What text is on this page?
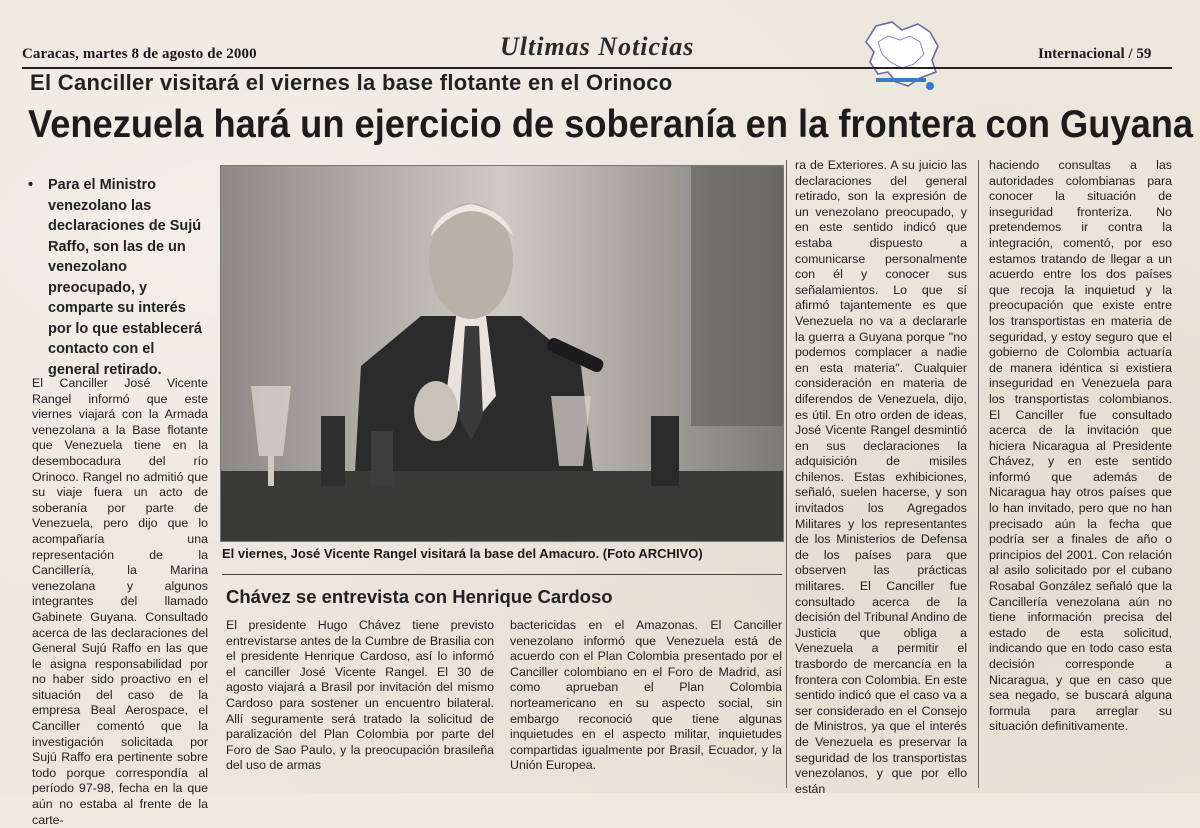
Caracas, martes 8 de agosto de 2000	Ultimas Noticias	Internacional / 59
El Canciller visitará el viernes la base flotante en el Orinoco
Venezuela hará un ejercicio de soberanía en la frontera con Guyana
•	Para el Ministro venezolano las declaraciones de Sujú Raffo, son las de un venezolano preocupado, y comparte su interés por lo que establecerá contacto con el general retirado.
El Canciller José Vicente Rangel informó que este viernes viajará con la Armada venezolana a la Base flotante que Venezuela tiene en la desembocadura del río Orinoco. Rangel no admitió que su viaje fuera un acto de soberanía por parte de Venezuela, pero dijo que lo acompañaría una representación de la Cancillería, la Marina venezolana y algunos integrantes del llamado Gabinete Guyana. Consultado acerca de las declaraciones del General Sujú Raffo en las que le asigna responsabilidad por no haber sido proactivo en el situación del caso de la empresa Beal Aerospace, el Canciller comentó que la investigación solicitada por Sujú Raffo era pertinente sobre todo porque correspondía al período 97-98, fecha en la que aún no estaba al frente de la carte-
El viernes, José Vicente Rangel visitará la base del Amacuro. (Foto ARCHIVO)
Chávez se entrevista con Henrique Cardoso
El presidente Hugo Chávez tiene previsto entrevistarse antes de la Cumbre de Brasilia con el presidente Henrique Cardoso, así lo informó el canciller José Vicente Rangel. El 30 de agosto viajará a Brasil por invitación del mismo Cardoso para sostener un encuentro bilateral. Allí seguramente será tratado la solicitud de paralización del Plan Colombia por parte del Foro de Sao Paulo, y la preocupación brasileña del uso de armas
bactericidas en el Amazonas. El Canciller venezolano informó que Venezuela está de acuerdo con el Plan Colombia presentado por el Canciller colombiano en el Foro de Madrid, así como aprueban el Plan Colombia norteamericano en su aspecto social, sin embargo reconoció que tiene algunas inquietudes en el aspecto militar, inquietudes compartidas igualmente por Brasil, Ecuador, y la Unión Europea.
ra de Exteriores. A su juicio las declaraciones del general retirado, son la expresión de un venezolano preocupado, y en este sentido indicó que estaba dispuesto a comunicarse personalmente con él y conocer sus señalamientos. Lo que sí afirmó tajantemente es que Venezuela no va a declararle la guerra a Guyana porque "no podemos complacer a nadie en esta materia". Cualquier consideración en materia de diferendos de Venezuela, dijo, es útil. En otro orden de ideas, José Vicente Rangel desmintió en sus declaraciones la adquisición de misiles chilenos. Estas exhibiciones, señaló, suelen hacerse, y son invitados los Agregados Militares y los representantes de los Ministerios de Defensa de los países para que observen las prácticas militares. El Canciller fue consultado acerca de la decisión del Tribunal Andino de Justicia que obliga a Venezuela a permitir el trasbordo de mercancía en la frontera con Colombia. En este sentido indicó que el caso va a ser considerado en el Consejo de Ministros, ya que el interés de Venezuela es preservar la seguridad de los transportistas venezolanos, y que por ello están
haciendo consultas a las autoridades colombianas para conocer la situación de inseguridad fronteriza. No pretendemos ir contra la integración, comentó, por eso estamos tratando de llegar a un acuerdo entre los dos países que recoja la inquietud y la preocupación que existe entre los transportistas en materia de seguridad, y estoy seguro que el gobierno de Colombia actuaría de manera idéntica si existiera inseguridad en Venezuela para los transportistas colombianos. El Canciller fue consultado acerca de la invitación que hiciera Nicaragua al Presidente Chávez, y en este sentido informó que además de Nicaragua hay otros países que lo han invitado, pero que no han precisado aún la fecha que podría ser a finales de año o principios del 2001. Con relación al asilo solicitado por el cubano Rosabal González señaló que la Cancillería venezolana aún no tiene información precisa del estado de esta solicitud, indicando que en todo caso esta decisión corresponde a Nicaragua, y que en caso que sea negado, se buscará alguna formula para arreglar su situación definitivamente.
